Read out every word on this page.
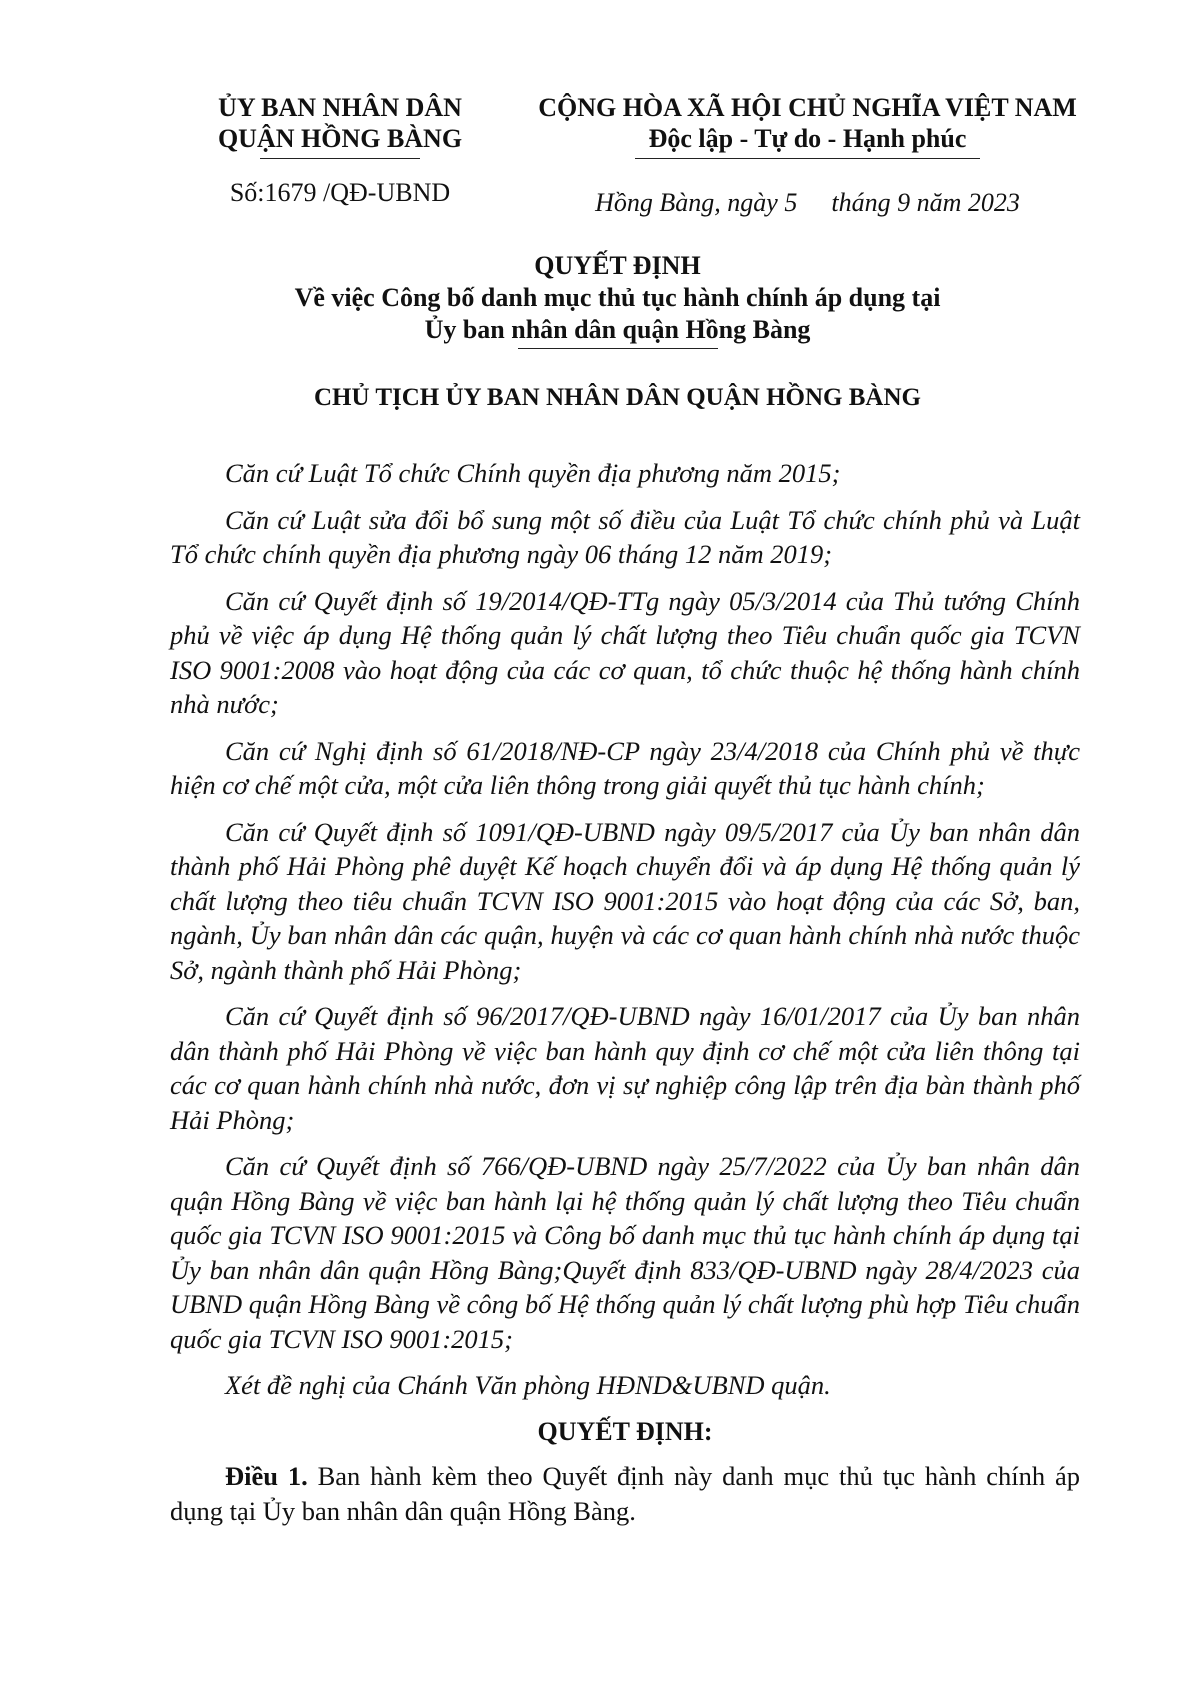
ỦY BAN NHÂN DÂN
QUẬN HỒNG BÀNG
Số:1679 /QĐ-UBND
CỘNG HÒA XÃ HỘI CHỦ NGHĨA VIỆT NAM
Độc lập - Tự do - Hạnh phúc
Hồng Bàng, ngày 5 tháng 9 năm 2023
QUYẾT ĐỊNH
Về việc Công bố danh mục thủ tục hành chính áp dụng tại
Ủy ban nhân dân quận Hồng Bàng
CHỦ TỊCH ỦY BAN NHÂN DÂN QUẬN HỒNG BÀNG

Căn cứ Luật Tổ chức Chính quyền địa phương năm 2015;

Căn cứ Luật sửa đổi bổ sung một số điều của Luật Tổ chức chính phủ và Luật Tổ chức chính quyền địa phương ngày 06 tháng 12 năm 2019;

Căn cứ Quyết định số 19/2014/QĐ-TTg ngày 05/3/2014 của Thủ tướng Chính phủ về việc áp dụng Hệ thống quản lý chất lượng theo Tiêu chuẩn quốc gia TCVN ISO 9001:2008 vào hoạt động của các cơ quan, tổ chức thuộc hệ thống hành chính nhà nước;

Căn cứ Nghị định số 61/2018/NĐ-CP ngày 23/4/2018 của Chính phủ về thực hiện cơ chế một cửa, một cửa liên thông trong giải quyết thủ tục hành chính;

Căn cứ Quyết định số 1091/QĐ-UBND ngày 09/5/2017 của Ủy ban nhân dân thành phố Hải Phòng phê duyệt Kế hoạch chuyển đổi và áp dụng Hệ thống quản lý chất lượng theo tiêu chuẩn TCVN ISO 9001:2015 vào hoạt động của các Sở, ban, ngành, Ủy ban nhân dân các quận, huyện và các cơ quan hành chính nhà nước thuộc Sở, ngành thành phố Hải Phòng;

Căn cứ Quyết định số 96/2017/QĐ-UBND ngày 16/01/2017 của Ủy ban nhân dân thành phố Hải Phòng về việc ban hành quy định cơ chế một cửa liên thông tại các cơ quan hành chính nhà nước, đơn vị sự nghiệp công lập trên địa bàn thành phố Hải Phòng;

Căn cứ Quyết định số 766/QĐ-UBND ngày 25/7/2022 của Ủy ban nhân dân quận Hồng Bàng về việc ban hành lại hệ thống quản lý chất lượng theo Tiêu chuẩn quốc gia TCVN ISO 9001:2015 và Công bố danh mục thủ tục hành chính áp dụng tại Ủy ban nhân dân quận Hồng Bàng;Quyết định 833/QĐ-UBND ngày 28/4/2023 của UBND quận Hồng Bàng về công bố Hệ thống quản lý chất lượng phù hợp Tiêu chuẩn quốc gia TCVN ISO 9001:2015;

Xét đề nghị của Chánh Văn phòng HĐND&UBND quận.

QUYẾT ĐỊNH:

Điều 1. Ban hành kèm theo Quyết định này danh mục thủ tục hành chính áp dụng tại Ủy ban nhân dân quận Hồng Bàng.
